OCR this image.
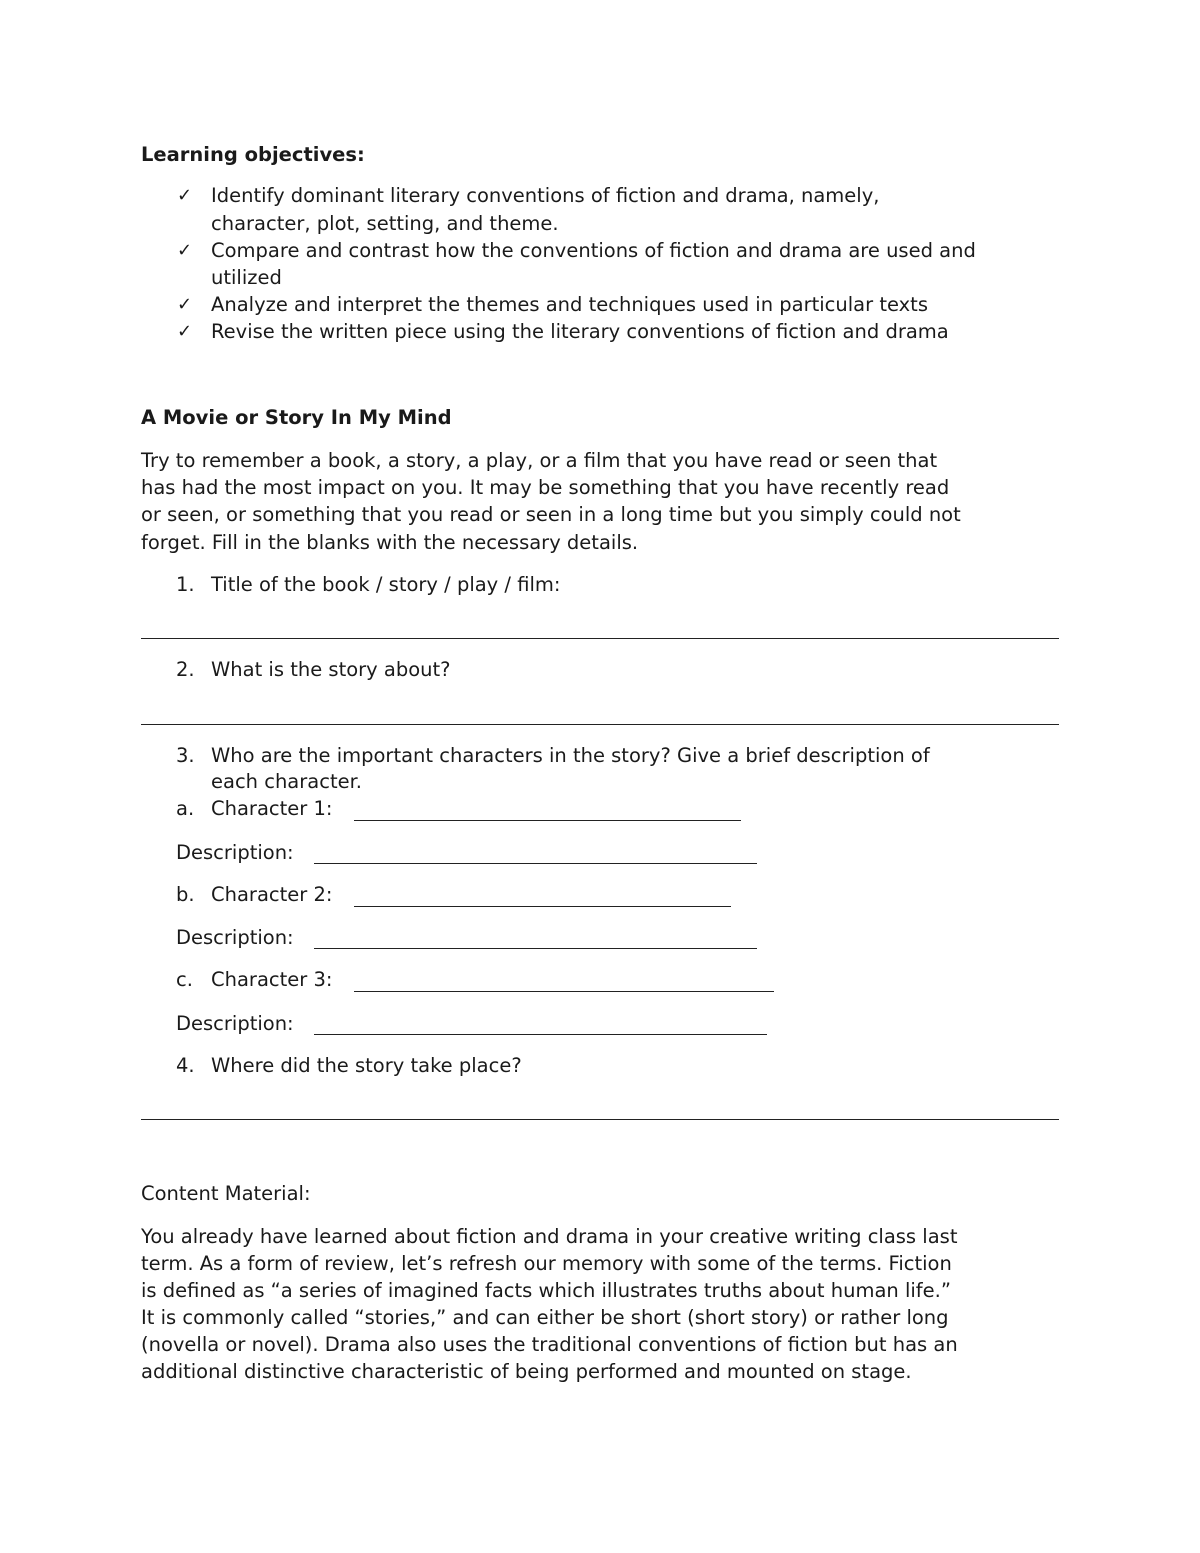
Learning objectives:
✓ Identify dominant literary conventions of fiction and drama, namely,
character, plot, setting, and theme.
✓ Compare and contrast how the conventions of fiction and drama are used and
utilized
✓ Analyze and interpret the themes and techniques used in particular texts
✓ Revise the written piece using the literary conventions of fiction and drama
A Movie or Story In My Mind
Try to remember a book, a story, a play, or a film that you have read or seen that
has had the most impact on you. It may be something that you have recently read
or seen, or something that you read or seen in a long time but you simply could not
forget. Fill in the blanks with the necessary details.
1. Title of the book / story / play / film:
2. What is the story about?
3. Who are the important characters in the story? Give a brief description of
each character.
a. Character 1:
Description:
b. Character 2:
Description:
c. Character 3:
Description:
4. Where did the story take place?
Content Material:
You already have learned about fiction and drama in your creative writing class last
term. As a form of review, let’s refresh our memory with some of the terms. Fiction
is defined as “a series of imagined facts which illustrates truths about human life.”
It is commonly called “stories,” and can either be short (short story) or rather long
(novella or novel). Drama also uses the traditional conventions of fiction but has an
additional distinctive characteristic of being performed and mounted on stage.
